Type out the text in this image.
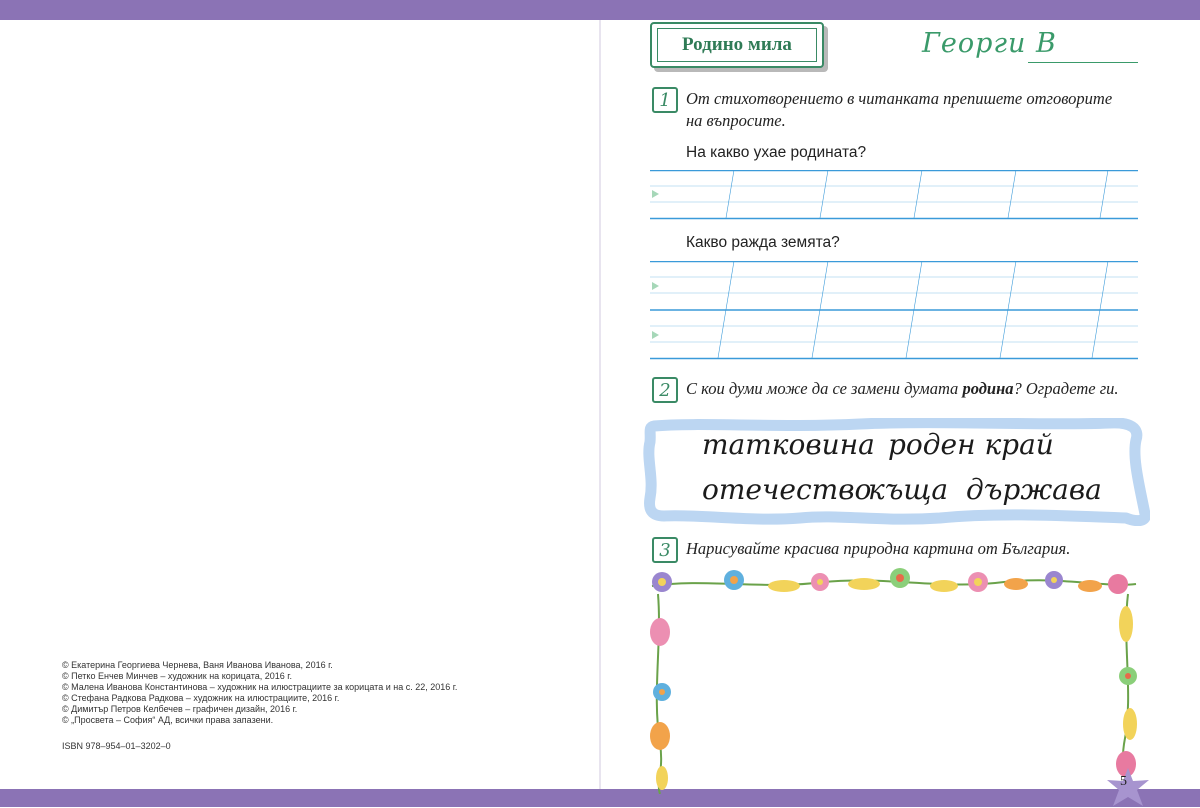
© Екатерина Георгиева Чернева, Ваня Иванова Иванова, 2016 г.
© Петко Енчев Минчев – художник на корицата, 2016 г.
© Малена Иванова Константинова – художник на илюстрациите за корицата и на с. 22, 2016 г.
© Стефана Радкова Радкова – художник на илюстрациите, 2016 г.
© Димитър Петров Келбечев – графичен дизайн, 2016 г.
© „Просвета – София“ АД, всички права запазени.
ISBN 978–954–01–3202–0
Родино мила	Георги В
1 От стихотворението в читанката препишете отговорите
на въпросите.
На какво ухае родината?
Какво ражда земята?
2 С кои думи може да се замени думата родина? Оградете ги.
татковина роден край
отечество
къща държава
3 Нарисувайте красива природна картина от България.
5
